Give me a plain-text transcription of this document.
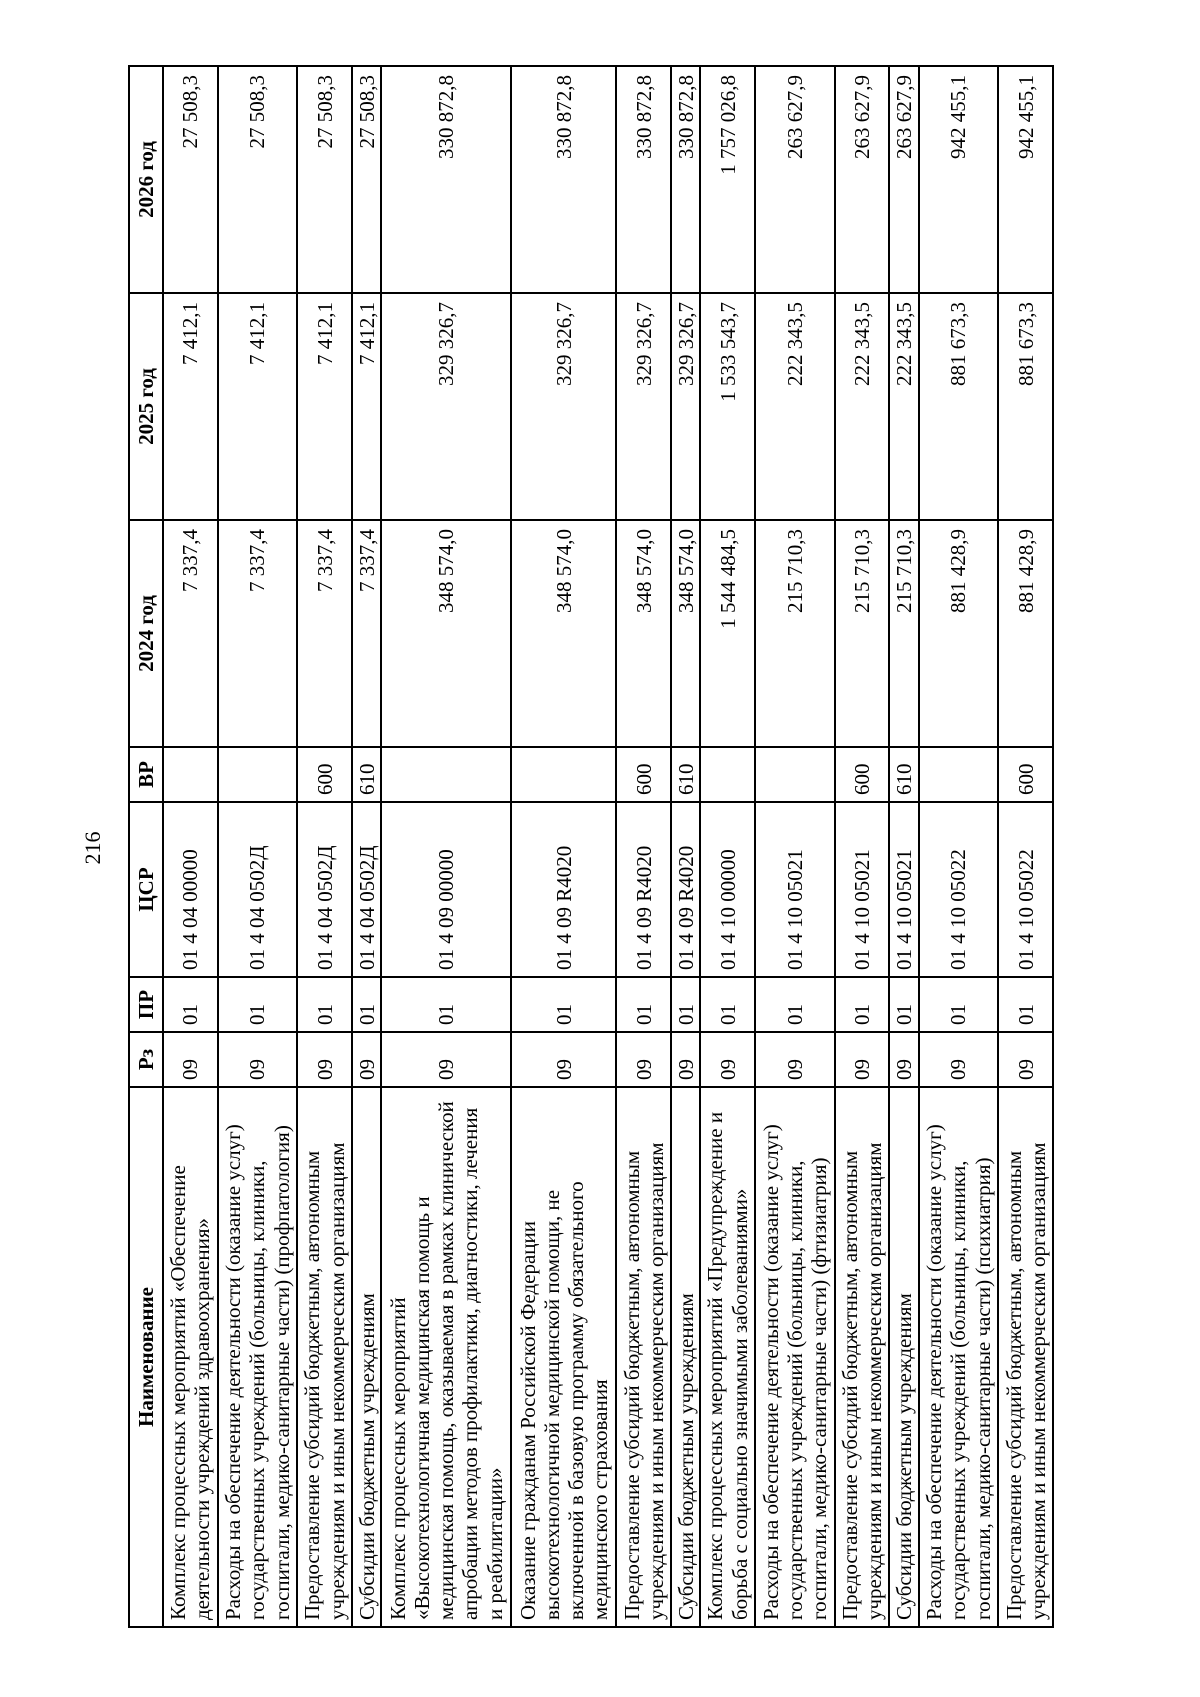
216
Наименование	Рз	ПР	ЦСР	ВР	2024 год	2025 год	2026 год
Комплекс процессных мероприятий «Обеспечение деятельности учреждений здравоохранения»	09	01	01 4 04 00000		7 337,4	7 412,1	27 508,3
Расходы на обеспечение деятельности (оказание услуг) государственных учреждений (больницы, клиники, госпитали, медико-санитарные части) (профпатология)	09	01	01 4 04 0502Д		7 337,4	7 412,1	27 508,3
Предоставление субсидий бюджетным, автономным учреждениям и иным некоммерческим организациям	09	01	01 4 04 0502Д	600	7 337,4	7 412,1	27 508,3
Субсидии бюджетным учреждениям	09	01	01 4 04 0502Д	610	7 337,4	7 412,1	27 508,3
Комплекс процессных мероприятий «Высокотехнологичная медицинская помощь и медицинская помощь, оказываемая в рамках клинической апробации методов профилактики, диагностики, лечения и реабилитации»	09	01	01 4 09 00000		348 574,0	329 326,7	330 872,8
Оказание гражданам Российской Федерации высокотехнологичной медицинской помощи, не включенной в базовую программу обязательного медицинского страхования	09	01	01 4 09 R4020		348 574,0	329 326,7	330 872,8
Предоставление субсидий бюджетным, автономным учреждениям и иным некоммерческим организациям	09	01	01 4 09 R4020	600	348 574,0	329 326,7	330 872,8
Субсидии бюджетным учреждениям	09	01	01 4 09 R4020	610	348 574,0	329 326,7	330 872,8
Комплекс процессных мероприятий «Предупреждение и борьба с социально значимыми заболеваниями»	09	01	01 4 10 00000		1 544 484,5	1 533 543,7	1 757 026,8
Расходы на обеспечение деятельности (оказание услуг) государственных учреждений (больницы, клиники, госпитали, медико-санитарные части) (фтизиатрия)	09	01	01 4 10 05021		215 710,3	222 343,5	263 627,9
Предоставление субсидий бюджетным, автономным учреждениям и иным некоммерческим организациям	09	01	01 4 10 05021	600	215 710,3	222 343,5	263 627,9
Субсидии бюджетным учреждениям	09	01	01 4 10 05021	610	215 710,3	222 343,5	263 627,9
Расходы на обеспечение деятельности (оказание услуг) государственных учреждений (больницы, клиники, госпитали, медико-санитарные части) (психиатрия)	09	01	01 4 10 05022		881 428,9	881 673,3	942 455,1
Предоставление субсидий бюджетным, автономным учреждениям и иным некоммерческим организациям	09	01	01 4 10 05022	600	881 428,9	881 673,3	942 455,1
